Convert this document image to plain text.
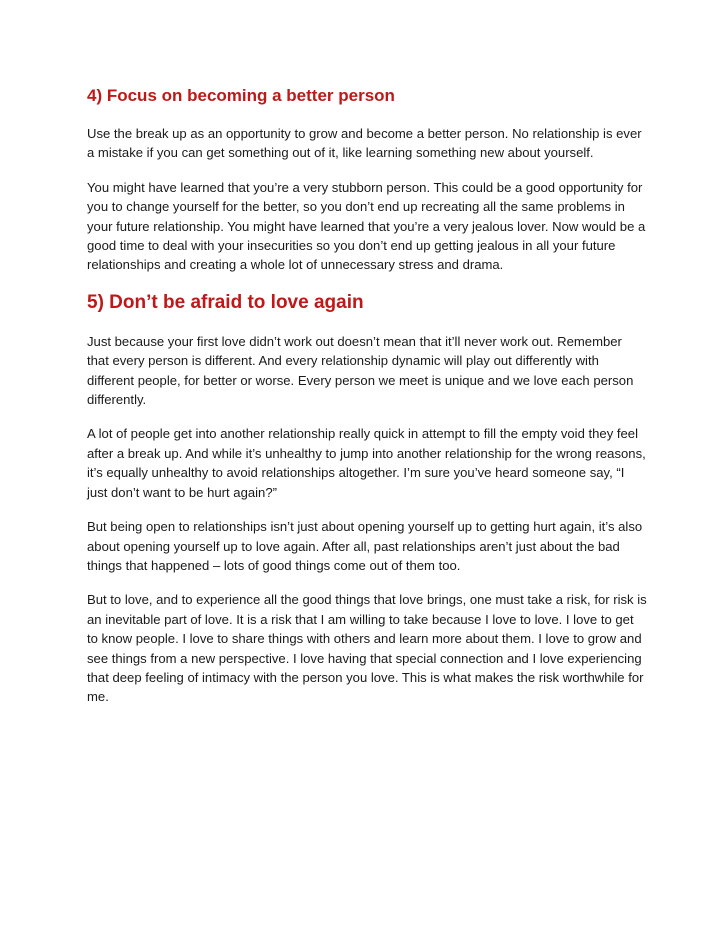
4) Focus on becoming a better person

Use the break up as an opportunity to grow and become a better person. No relationship is ever a mistake if you can get something out of it, like learning something new about yourself.

You might have learned that you’re a very stubborn person. This could be a good opportunity for you to change yourself for the better, so you don’t end up recreating all the same problems in your future relationship. You might have learned that you’re a very jealous lover. Now would be a good time to deal with your insecurities so you don’t end up getting jealous in all your future relationships and creating a whole lot of unnecessary stress and drama.

5) Don’t be afraid to love again

Just because your first love didn’t work out doesn’t mean that it’ll never work out. Remember that every person is different. And every relationship dynamic will play out differently with different people, for better or worse. Every person we meet is unique and we love each person differently.

A lot of people get into another relationship really quick in attempt to fill the empty void they feel after a break up. And while it’s unhealthy to jump into another relationship for the wrong reasons, it’s equally unhealthy to avoid relationships altogether. I’m sure you’ve heard someone say, “I just don’t want to be hurt again?”

But being open to relationships isn’t just about opening yourself up to getting hurt again, it’s also about opening yourself up to love again. After all, past relationships aren’t just about the bad things that happened – lots of good things come out of them too.

But to love, and to experience all the good things that love brings, one must take a risk, for risk is an inevitable part of love. It is a risk that I am willing to take because I love to love. I love to get to know people. I love to share things with others and learn more about them. I love to grow and see things from a new perspective. I love having that special connection and I love experiencing that deep feeling of intimacy with the person you love. This is what makes the risk worthwhile for me.
